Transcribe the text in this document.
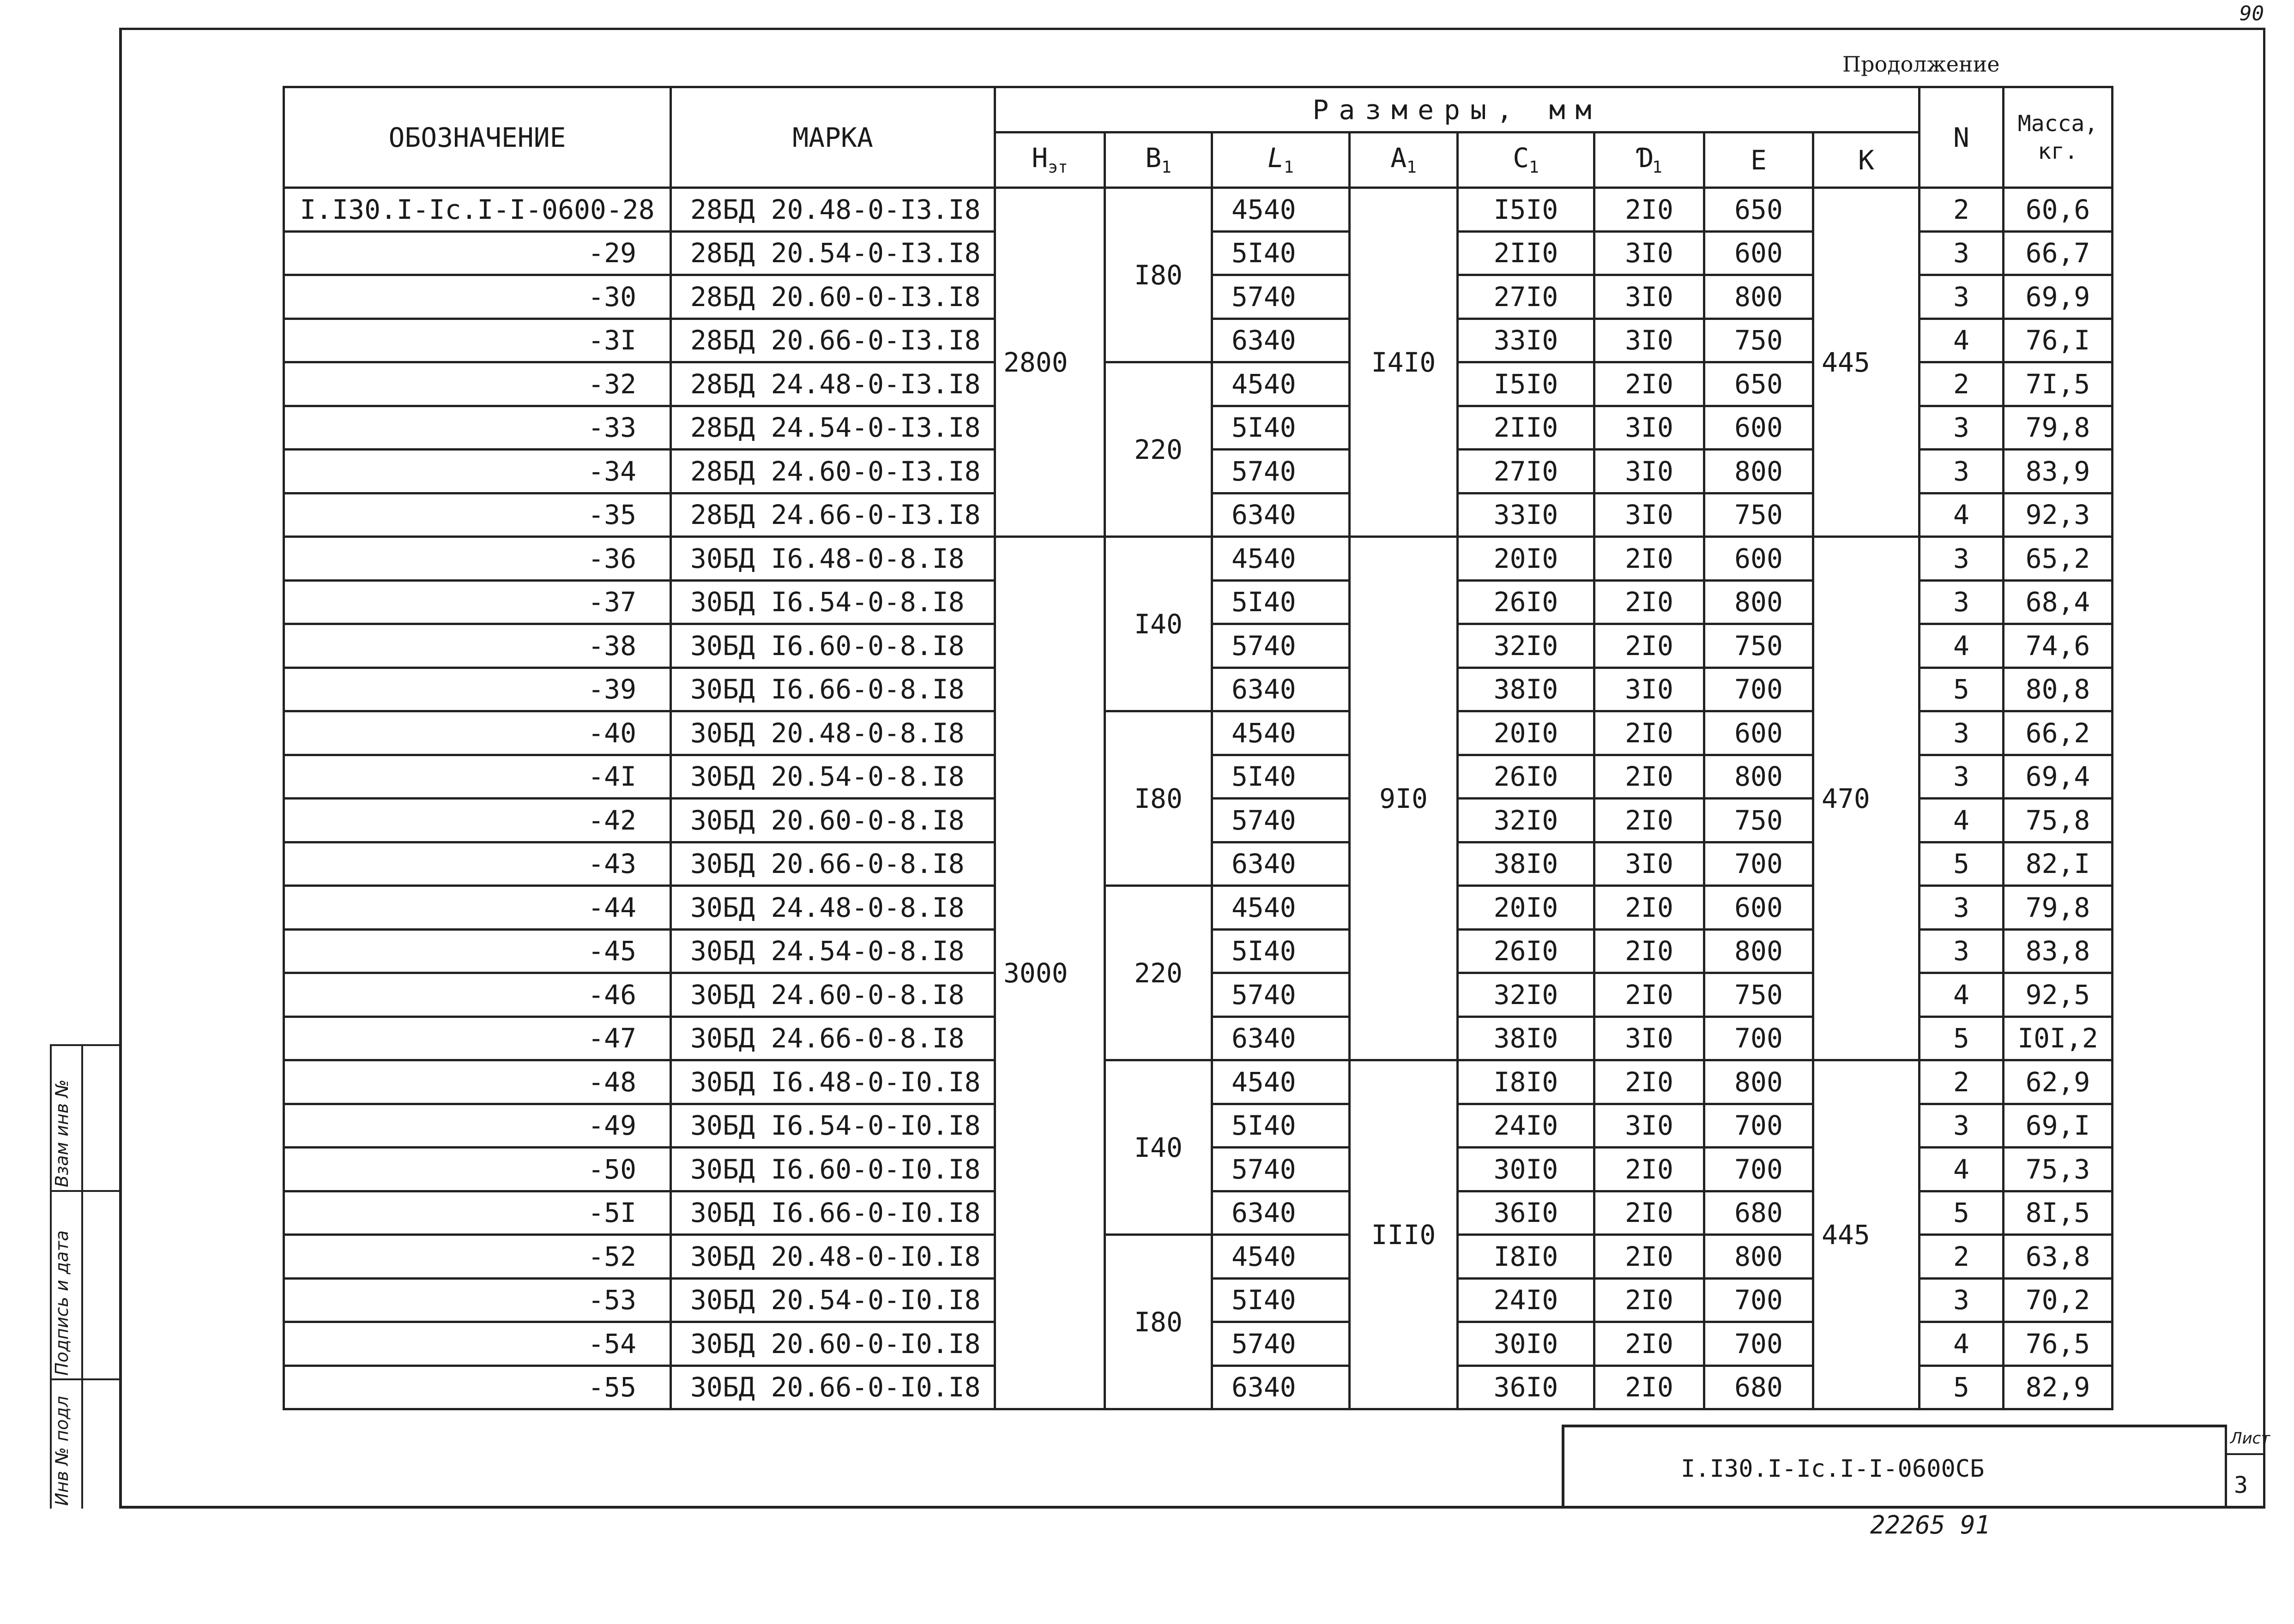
90
Продолжение
ОБОЗНАЧЕНИЕ	МАРКА	Размеры, мм								N	Масса, кг.
		$Н_{эт}$	$В_1$	$L_1$	$А_1$	$С_1$	$Ɗ_1$	Е	К		
I.I30.I-Ic.I-I-0600-28	28БД 20.48-0-I3.I8	2800	I80	4540	I4I0	I5I0	2I0	650	445	2	60,6
-29	28БД 20.54-0-I3.I8			5I40		2II0	3I0	600		3	66,7
-30	28БД 20.60-0-I3.I8			5740		27I0	3I0	800		3	69,9
-3I	28БД 20.66-0-I3.I8			6340		33I0	3I0	750		4	76,I
-32	28БД 24.48-0-I3.I8		220	4540		I5I0	2I0	650		2	7I,5
-33	28БД 24.54-0-I3.I8			5I40		2II0	3I0	600		3	79,8
-34	28БД 24.60-0-I3.I8			5740		27I0	3I0	800		3	83,9
-35	28БД 24.66-0-I3.I8			6340		33I0	3I0	750		4	92,3
-36	30БД I6.48-0-8.I8	3000	I40	4540	9I0	20I0	2I0	600	470	3	65,2
-37	30БД I6.54-0-8.I8			5I40		26I0	2I0	800		3	68,4
-38	30БД I6.60-0-8.I8			5740		32I0	2I0	750		4	74,6
-39	30БД I6.66-0-8.I8			6340		38I0	3I0	700		5	80,8
-40	30БД 20.48-0-8.I8		I80	4540		20I0	2I0	600		3	66,2
-4I	30БД 20.54-0-8.I8			5I40		26I0	2I0	800		3	69,4
-42	30БД 20.60-0-8.I8			5740		32I0	2I0	750		4	75,8
-43	30БД 20.66-0-8.I8			6340		38I0	3I0	700		5	82,I
-44	30БД 24.48-0-8.I8		220	4540		20I0	2I0	600		3	79,8
-45	30БД 24.54-0-8.I8			5I40		26I0	2I0	800		3	83,8
-46	30БД 24.60-0-8.I8			5740		32I0	2I0	750		4	92,5
-47	30БД 24.66-0-8.I8			6340		38I0	3I0	700		5	I0I,2
-48	30БД I6.48-0-I0.I8		I40	4540	III0	I8I0	2I0	800	445	2	62,9
-49	30БД I6.54-0-I0.I8			5I40		24I0	3I0	700		3	69,I
-50	30БД I6.60-0-I0.I8			5740		30I0	2I0	700		4	75,3
-5I	30БД I6.66-0-I0.I8			6340		36I0	2I0	680		5	8I,5
-52	30БД 20.48-0-I0.I8		I80	4540		I8I0	2I0	800		2	63,8
-53	30БД 20.54-0-I0.I8			5I40		24I0	2I0	700		3	70,2
-54	30БД 20.60-0-I0.I8			5740		30I0	2I0	700		4	76,5
-55	30БД 20.66-0-I0.I8			6340		36I0	2I0	680		5	82,9
Инв № подл
Подпись и дата
Взам инв №
I.I30.I-Ic.I-I-0600СБ
Лист
3
22265 91
